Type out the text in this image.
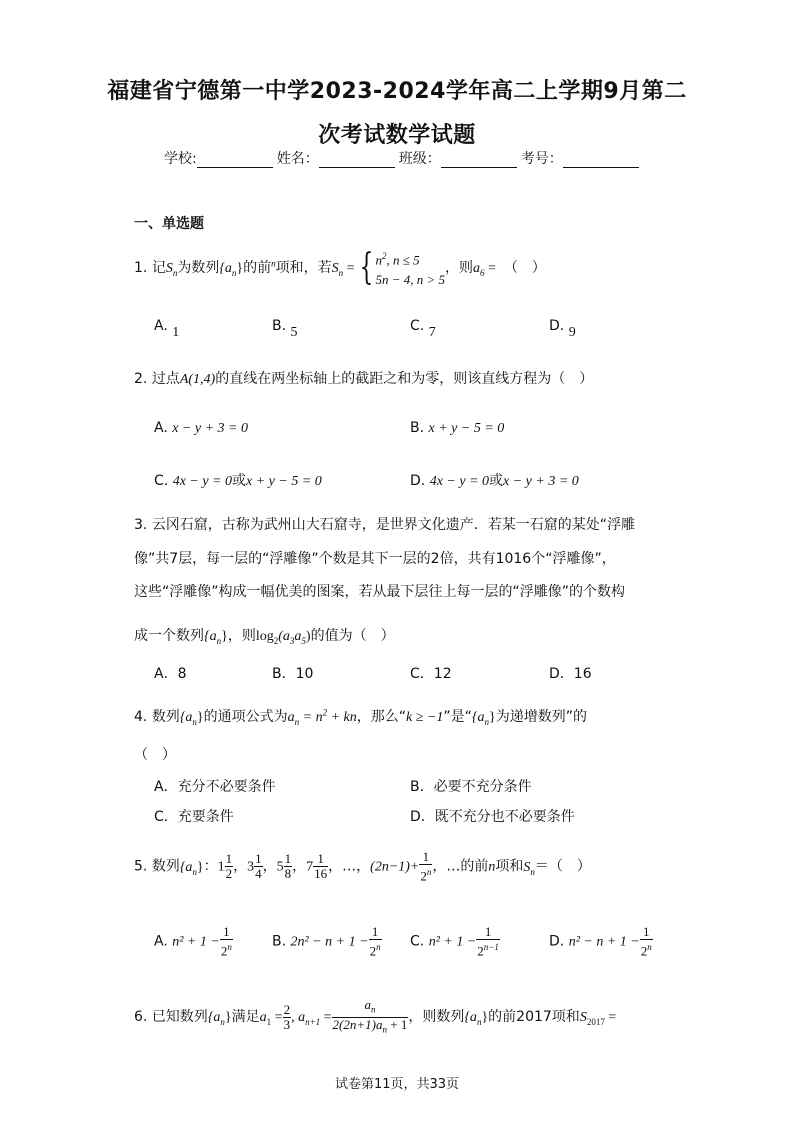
福建省宁德第一中学2023-2024学年高二上学期9月第二
次考试数学试题
学校:	姓名：	班级：	考号：
一、单选题
1. 记$S_n$为数列$\{a_n\}$的前$^n$项和，若$S_n$ = { $n^2$, n ≤ 5
5n − 4, n > 5
，则$a_6$ = （　）
A. 1	B. 5	C. 7	D. 9
2. 过点A(1,4)的直线在两坐标轴上的截距之和为零，则该直线方程为（　）
A. x − y + 3 = 0	B. x + y − 5 = 0
C. 4x − y = 0或x + y − 5 = 0	D. 4x − y = 0或x − y + 3 = 0
3. 云冈石窟，古称为武州山大石窟寺，是世界文化遗产．若某一石窟的某处“浮雕
像”共7层，每一层的“浮雕像”个数是其下一层的2倍，共有1016个“浮雕像”，
这些“浮雕像”构成一幅优美的图案，若从最下层往上每一层的“浮雕像”的个数构
成一个数列$\{a_n\}$，则$\log_2(a_3a_5)$的值为（　）
A．8	B．10	C．12	D．16
4. 数列$\{a_n\}$的通项公式为$a_n = n^2$ + kn，那么“k ≥ −1”是“$\{a_n\}$为递增数列”的
（　）
A．充分不必要条件	B．必要不充分条件
C．充要条件	D．既不充分也不必要条件
5. 数列$\{a_n\}$：$1 \frac{1}{2}$ ，$3 \frac{1}{4}$ ，$5 \frac{1}{8}$ ，$7 \frac{1}{16}$ ，…，$(2n-1)+ \frac{1}{2^n}$ ，…的前n项和$S_n=$（　）
A. $n^2 + 1 - \frac{1}{2^n}$	B. $2n^2 - n + 1 - \frac{1}{2^n} C$. $n^2 + 1 - \frac{1}{2^{n-1}}$	D. $n^2 - n + 1 - \frac{1}{2^n}$
6. 已知数列$\{a_n\}$满足$a_1 = \frac{2}{3}$ , $a_{n+1} = \frac{a_n}{2(2n+1)a_n + 1}$ ，则数列$\{a_n\}$的前2017项和$S_{2017}$ =
试卷第11页，共33页
